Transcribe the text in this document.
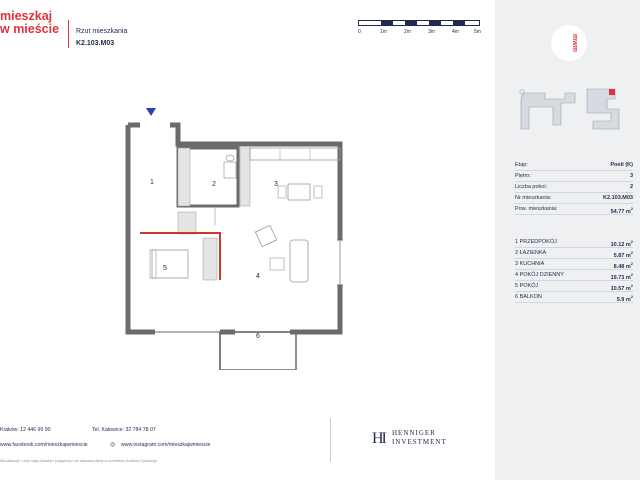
mieszkaj
w mieście Rzut mieszkania
K2.103.M03
0	1m	2m	3m	4m	5m
1	2	3
4
5
6
Kraków: 12 446 99 90	Tel. Katowice: 32 784 78 07
www.facebook.com/mieszkajwmiescie	◎ www.instagram.com/mieszkajwmiescie
Wizualizacje i rzuty mają charakter poglądowy i nie stanowią oferty w rozumieniu Kodeksu Cywilnego.
HI HENNIGER
INVESTMENT
mwm
Etap:	Poeti (K)
Piętro:	3
Liczba pokoi:	2
Nr mieszkania:	K2.103.M03
Pow. mieszkania:	54.77 $m^2$
1 PRZEDPOKÓJ	10.12 $m^2$
2 ŁAZIENKA	5.87 $m^2$
3 KUCHNIA	8.48 $m^2$
4 POKÓJ DZIENNY	19.73 $m^2$
5 POKÓJ	10.57 $m^2$
6 BALKON	5.9 $m^2$
